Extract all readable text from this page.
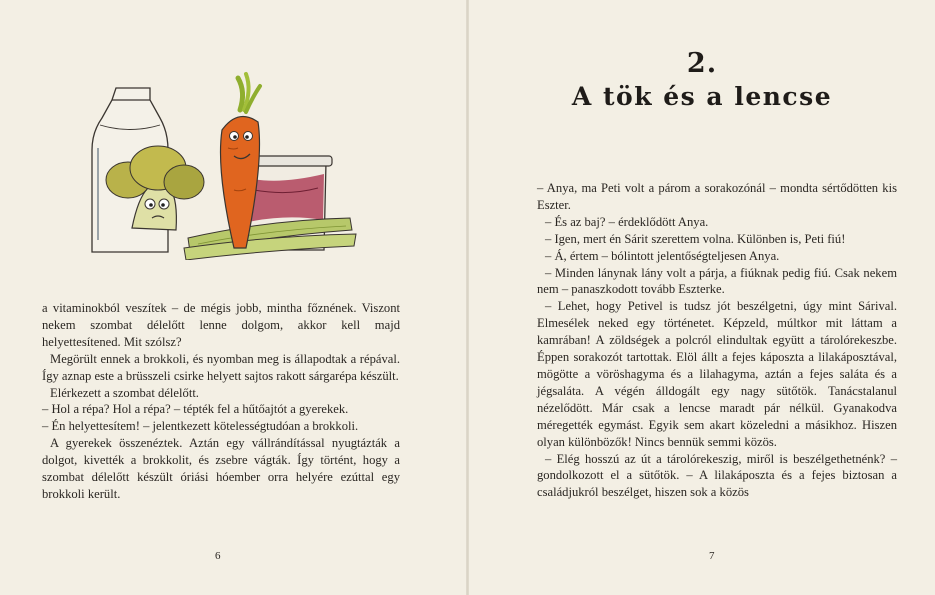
a vitaminokból veszítek – de mégis jobb, mintha főznének. Viszont nekem szombat délelőtt lenne dolgom, akkor kell majd helyettesítened. Mit szólsz?

Megörült ennek a brokkoli, és nyomban meg is állapodtak a répával. Így aznap este a brüsszeli csirke helyett sajtos rakott sárgarépa készült.

Elérkezett a szombat délelőtt.

– Hol a répa? Hol a répa? – tépték fel a hűtőajtót a gyerekek.

– Én helyettesítem! – jelentkezett kötelességtudóan a brokkoli.

A gyerekek összenéztek. Aztán egy vállrándítással nyugtázták a dolgot, kivették a brokkolit, és zsebre vágták. Így történt, hogy a szombat délelőtt készült óriási hóember orra helyére ezúttal egy brokkoli került.

6
2.
A tök és a lencse

– Anya, ma Peti volt a párom a sorakozónál – mondta sértődötten kis Eszter.

– És az baj? – érdeklődött Anya.

– Igen, mert én Sárit szerettem volna. Különben is, Peti fiú!

– Á, értem – bólintott jelentőségteljesen Anya.

– Minden lánynak lány volt a párja, a fiúknak pedig fiú. Csak nekem nem – panaszkodott tovább Eszterke.

– Lehet, hogy Petivel is tudsz jót beszélgetni, úgy mint Sárival. Elmesélek neked egy történetet. Képzeld, múltkor mit láttam a kamrában! A zöldségek a polcról elindultak együtt a tárolórekeszbe. Éppen sorakozót tartottak. Elöl állt a fejes káposzta a lilakáposztával, mögötte a vöröshagyma és a lilahagyma, aztán a fejes saláta és a jégsaláta. A végén álldogált egy nagy sütőtök. Tanácstalanul nézelődött. Már csak a lencse maradt pár nélkül. Gyanakodva méregették egymást. Egyik sem akart közeledni a másikhoz. Hiszen olyan különbözők! Nincs bennük semmi közös.

– Elég hosszú az út a tárolórekeszig, miről is beszélgethetnénk? – gondolkozott el a sütőtök. – A lilakáposzta és a fejes biztosan a családjukról beszélget, hiszen sok a közös

7
